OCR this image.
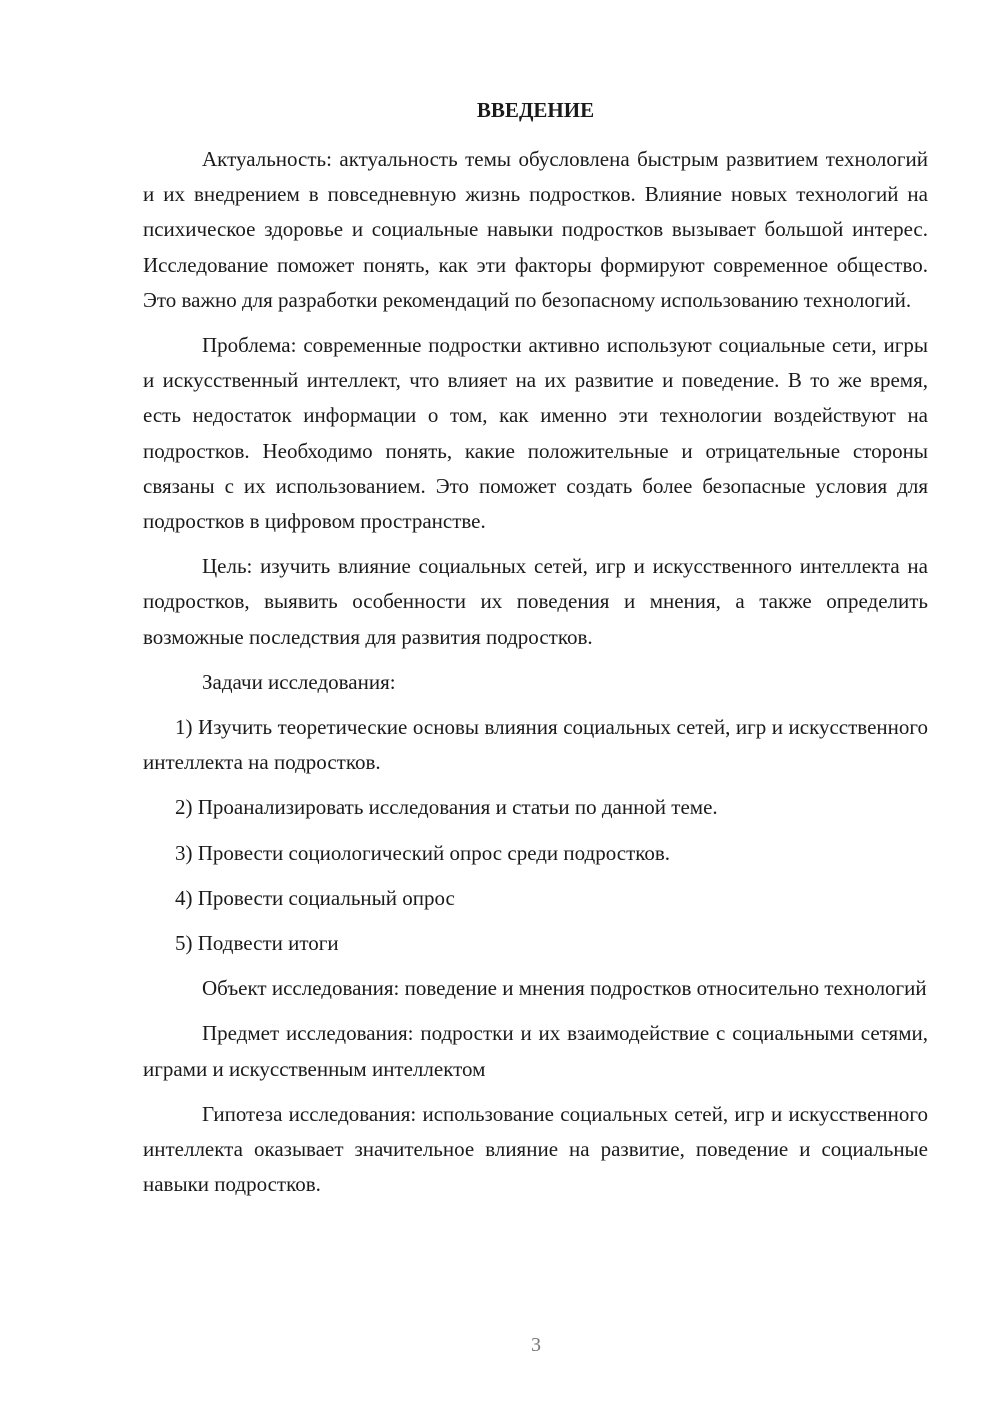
ВВЕДЕНИЕ

Актуальность: актуальность темы обусловлена быстрым развитием технологий и их внедрением в повседневную жизнь подростков. Влияние новых технологий на психическое здоровье и социальные навыки подростков вызывает большой интерес. Исследование поможет понять, как эти факторы формируют современное общество. Это важно для разработки рекомендаций по безопасному использованию технологий.

Проблема: современные подростки активно используют социальные сети, игры и искусственный интеллект, что влияет на их развитие и поведение. В то же время, есть недостаток информации о том, как именно эти технологии воздействуют на подростков. Необходимо понять, какие положительные и отрицательные стороны связаны с их использованием. Это поможет создать более безопасные условия для подростков в цифровом пространстве.

Цель: изучить влияние социальных сетей, игр и искусственного интеллекта на подростков, выявить особенности их поведения и мнения, а также определить возможные последствия для развития подростков.

Задачи исследования:

1) Изучить теоретические основы влияния социальных сетей, игр и искусственного интеллекта на подростков.

2) Проанализировать исследования и статьи по данной теме.

3) Провести социологический опрос среди подростков.

4) Провести социальный опрос

5) Подвести итоги

Объект исследования: поведение и мнения подростков относительно технологий

Предмет исследования: подростки и их взаимодействие с социальными сетями, играми и искусственным интеллектом

Гипотеза исследования: использование социальных сетей, игр и искусственного интеллекта оказывает значительное влияние на развитие, поведение и социальные навыки подростков.

3
